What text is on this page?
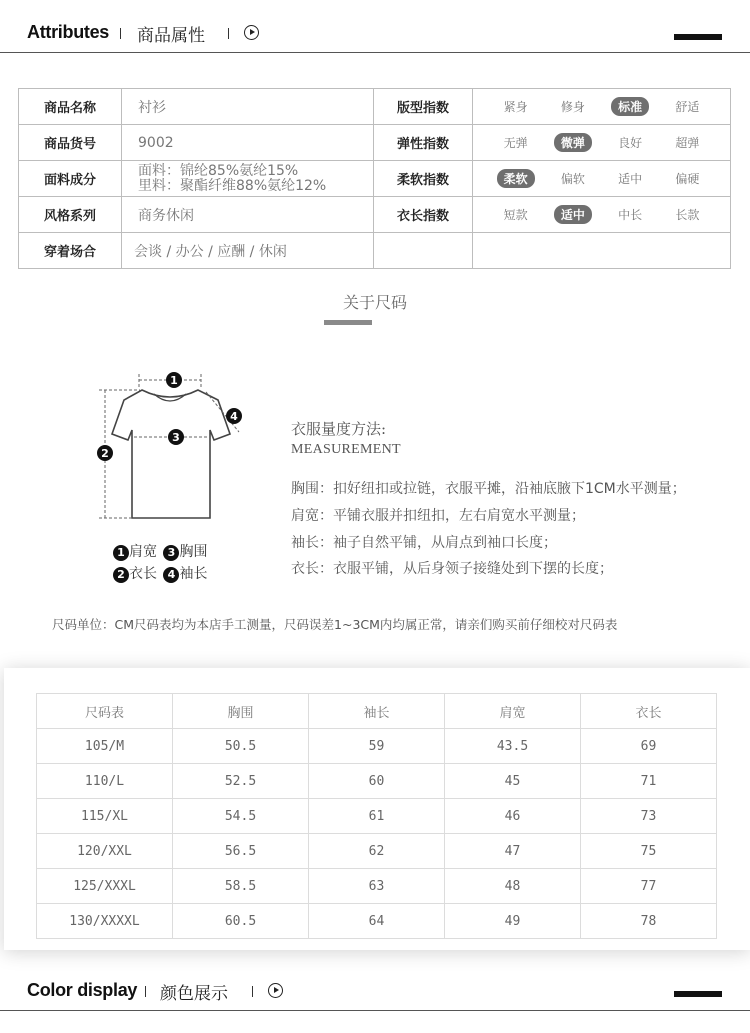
Attributes 商品属性
商品名称	衬衫	版型指数	紧身 修身 标准 舒适

商品货号	9002	弹性指数	无弹 微弹 良好 超弹

面料成分	面料：锦纶85%氨纶15%
里料：聚酯纤维88%氨纶12%	柔软指数	柔软 偏软 适中 偏硬

风格系列	商务休闲	衣长指数	短款 适中 中长 长款

穿着场合	会谈 / 办公 / 应酬 / 休闲		
关于尺码
1
2
3
4
1 肩宽 3 胸围
2 衣长 4 袖长
衣服量度方法:
MEASUREMENT
胸围：扣好纽扣或拉链，衣服平摊，沿袖底腋下1CM水平测量；
肩宽：平铺衣服并扣纽扣，左右肩宽水平测量；
袖长：袖子自然平铺，从肩点到袖口长度；
衣长：衣服平铺，从后身领子接缝处到下摆的长度；
尺码单位：CM尺码表均为本店手工测量，尺码误差1~3CM内均属正常，请亲们购买前仔细校对尺码表
尺码表	胸围	袖长	肩宽	衣长
105/M	50.5	59	43.5	69
110/L	52.5	60	45	71
115/XL	54.5	61	46	73
120/XXL	56.5	62	47	75
125/XXXL	58.5	63	48	77
130/XXXXL	60.5	64	49	78
Color display 颜色展示
